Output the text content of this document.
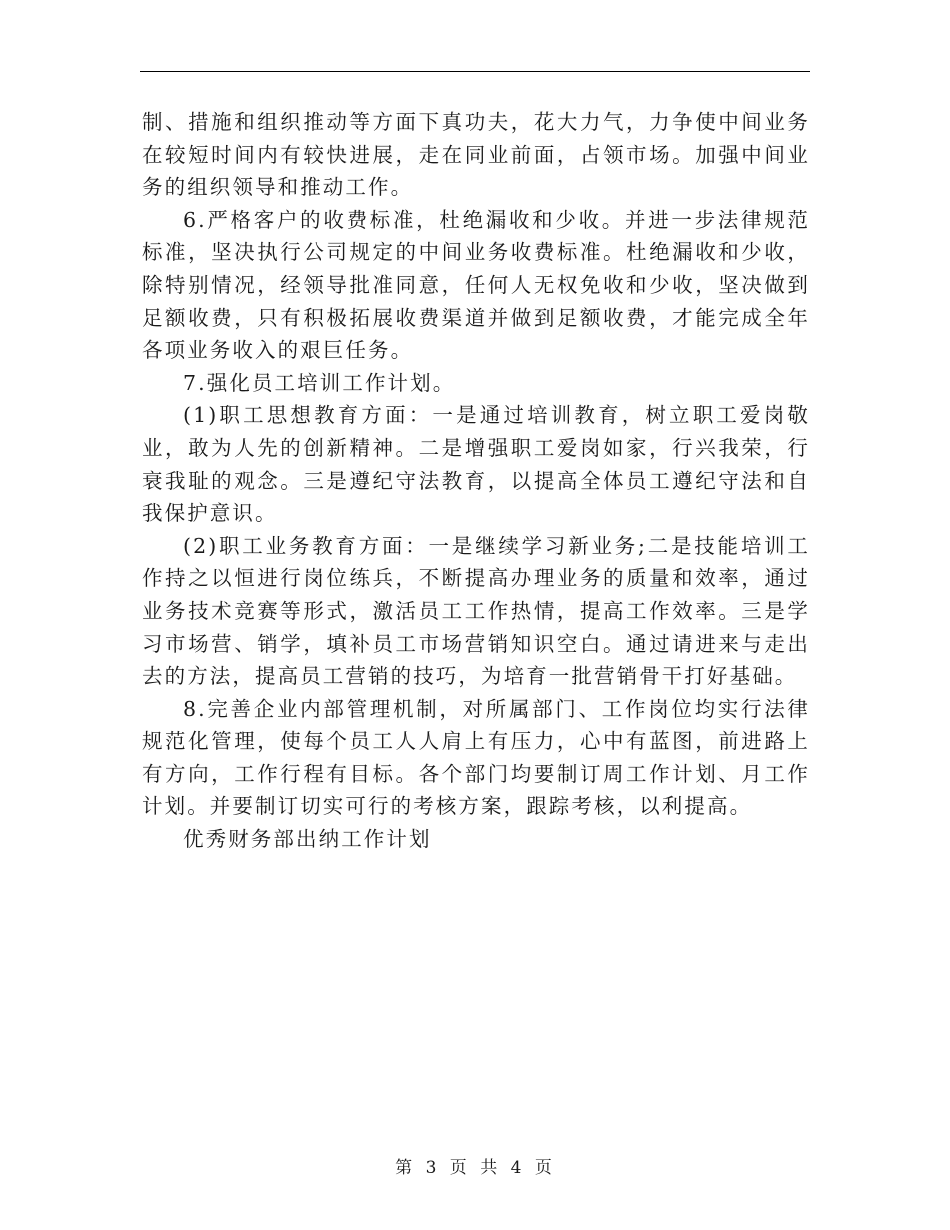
制、措施和组织推动等方面下真功夫，花大力气，力争使中间业务在较短时间内有较快进展，走在同业前面，占领市场。加强中间业务的组织领导和推动工作。

6.严格客户的收费标准，杜绝漏收和少收。并进一步法律规范标准，坚决执行公司规定的中间业务收费标准。杜绝漏收和少收，除特别情况，经领导批准同意，任何人无权免收和少收，坚决做到足额收费，只有积极拓展收费渠道并做到足额收费，才能完成全年各项业务收入的艰巨任务。

7.强化员工培训工作计划。

(1)职工思想教育方面：一是通过培训教育，树立职工爱岗敬业，敢为人先的创新精神。二是增强职工爱岗如家，行兴我荣，行衰我耻的观念。三是遵纪守法教育，以提高全体员工遵纪守法和自我保护意识。

(2)职工业务教育方面：一是继续学习新业务;二是技能培训工作持之以恒进行岗位练兵，不断提高办理业务的质量和效率，通过业务技术竞赛等形式，激活员工工作热情，提高工作效率。三是学习市场营、销学，填补员工市场营销知识空白。通过请进来与走出去的方法，提高员工营销的技巧，为培育一批营销骨干打好基础。

8.完善企业内部管理机制，对所属部门、工作岗位均实行法律规范化管理，使每个员工人人肩上有压力，心中有蓝图，前进路上有方向，工作行程有目标。各个部门均要制订周工作计划、月工作计划。并要制订切实可行的考核方案，跟踪考核，以利提高。

优秀财务部出纳工作计划

第 3 页 共 4 页
